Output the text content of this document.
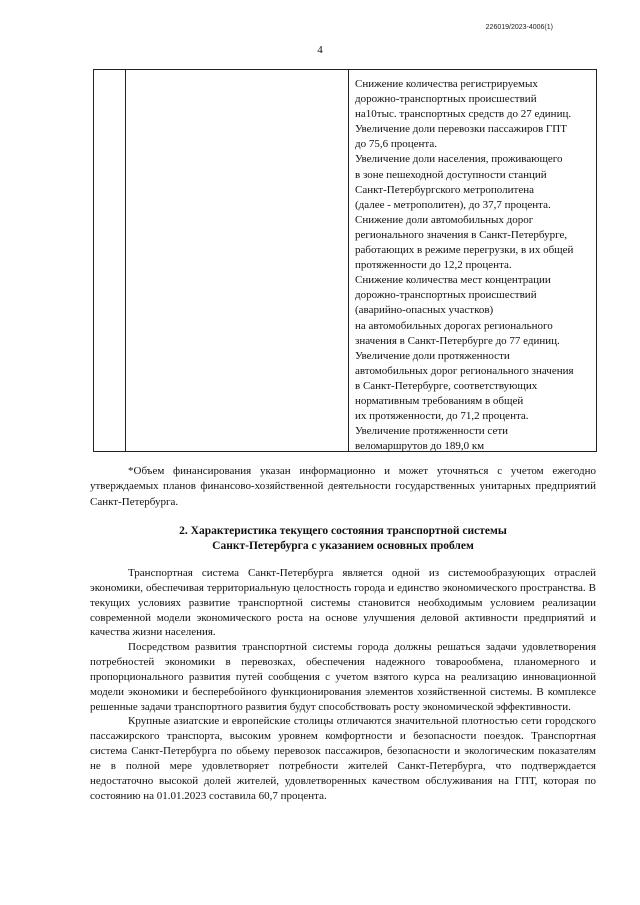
226019/2023-4006(1)
4
Снижение количества регистрируемых
дорожно-транспортных происшествий
на10тыс. транспортных средств до 27 единиц.
Увеличение доли перевозки пассажиров ГПТ
до 75,6 процента.
Увеличение доли населения, проживающего
в зоне пешеходной доступности станций
Санкт-Петербургского метрополитена
(далее - метрополитен), до 37,7 процента.
Снижение доли автомобильных дорог
регионального значения в Санкт-Петербурге,
работающих в режиме перегрузки, в их общей
протяженности до 12,2 процента.
Снижение количества мест концентрации
дорожно-транспортных происшествий
(аварийно-опасных участков)
на автомобильных дорогах регионального
значения в Санкт-Петербурге до 77 единиц.
Увеличение доли протяженности
автомобильных дорог регионального значения
в Санкт-Петербурге, соответствующих
нормативным требованиям в общей
их протяженности, до 71,2 процента.
Увеличение протяженности сети
веломаршрутов до 189,0 км
*Объем финансирования указан информационно и может уточняться с учетом ежегодно утверждаемых планов финансово-хозяйственной деятельности государственных унитарных предприятий Санкт-Петербурга.
2. Характеристика текущего состояния транспортной системы
Санкт-Петербурга с указанием основных проблем

Транспортная система Санкт-Петербурга является одной из системообразующих отраслей экономики, обеспечивая территориальную целостность города и единство экономического пространства. В текущих условиях развитие транспортной системы становится необходимым условием реализации современной модели экономического роста на основе улучшения деловой активности предприятий и качества жизни населения.

Посредством развития транспортной системы города должны решаться задачи удовлетворения потребностей экономики в перевозках, обеспечения надежного товарообмена, планомерного и пропорционального развития путей сообщения с учетом взятого курса на реализацию инновационной модели экономики и бесперебойного функционирования элементов хозяйственной системы. В комплексе решенные задачи транспортного развития будут способствовать росту экономической эффективности.

Крупные азиатские и европейские столицы отличаются значительной плотностью сети городского пассажирского транспорта, высоким уровнем комфортности и безопасности поездок. Транспортная система Санкт-Петербурга по обьему перевозок пассажиров, безопасности и экологическим показателям не в полной мере удовлетворяет потребности жителей Санкт-Петербурга, что подтверждается недостаточно высокой долей жителей, удовлетворенных качеством обслуживания на ГПТ, которая по состоянию на 01.01.2023 составила 60,7 процента.
